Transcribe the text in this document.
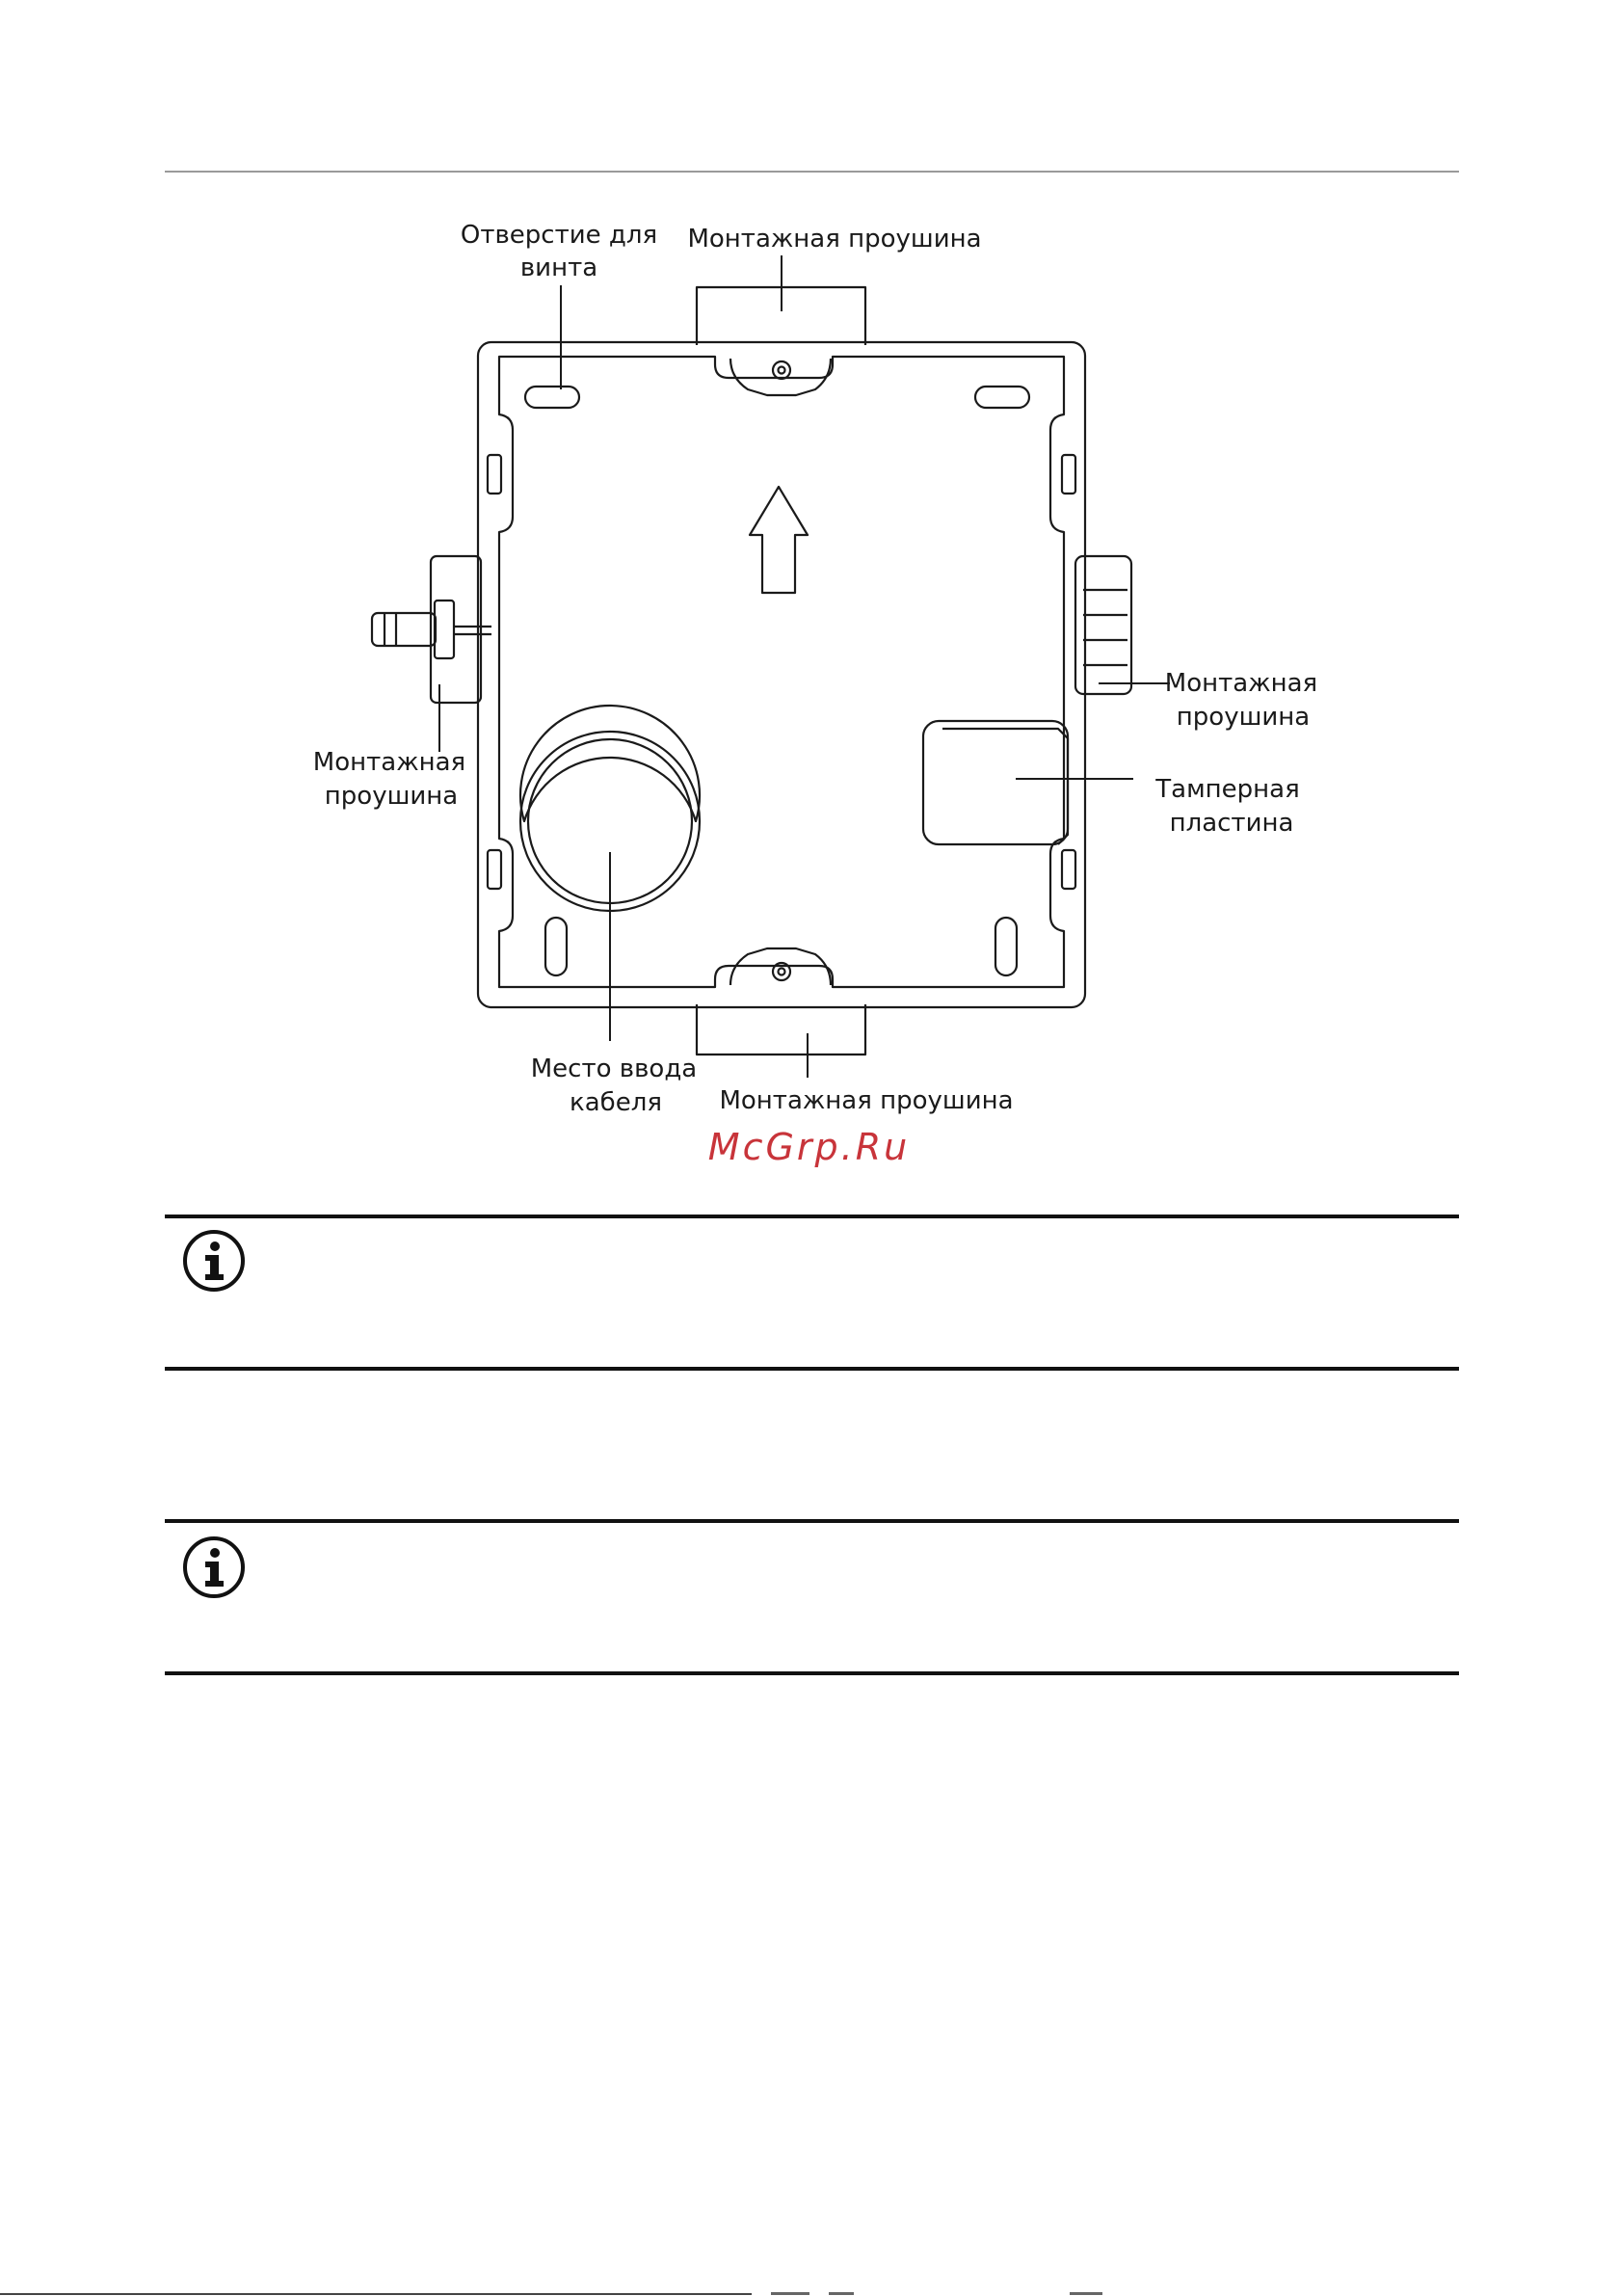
Отверстие для
винта
Монтажная проушина
Монтажная
проушина
Монтажная
проушина	Тамперная
пластина
Место ввода
кабеля Монтажная проушина
McGrp.Ru
